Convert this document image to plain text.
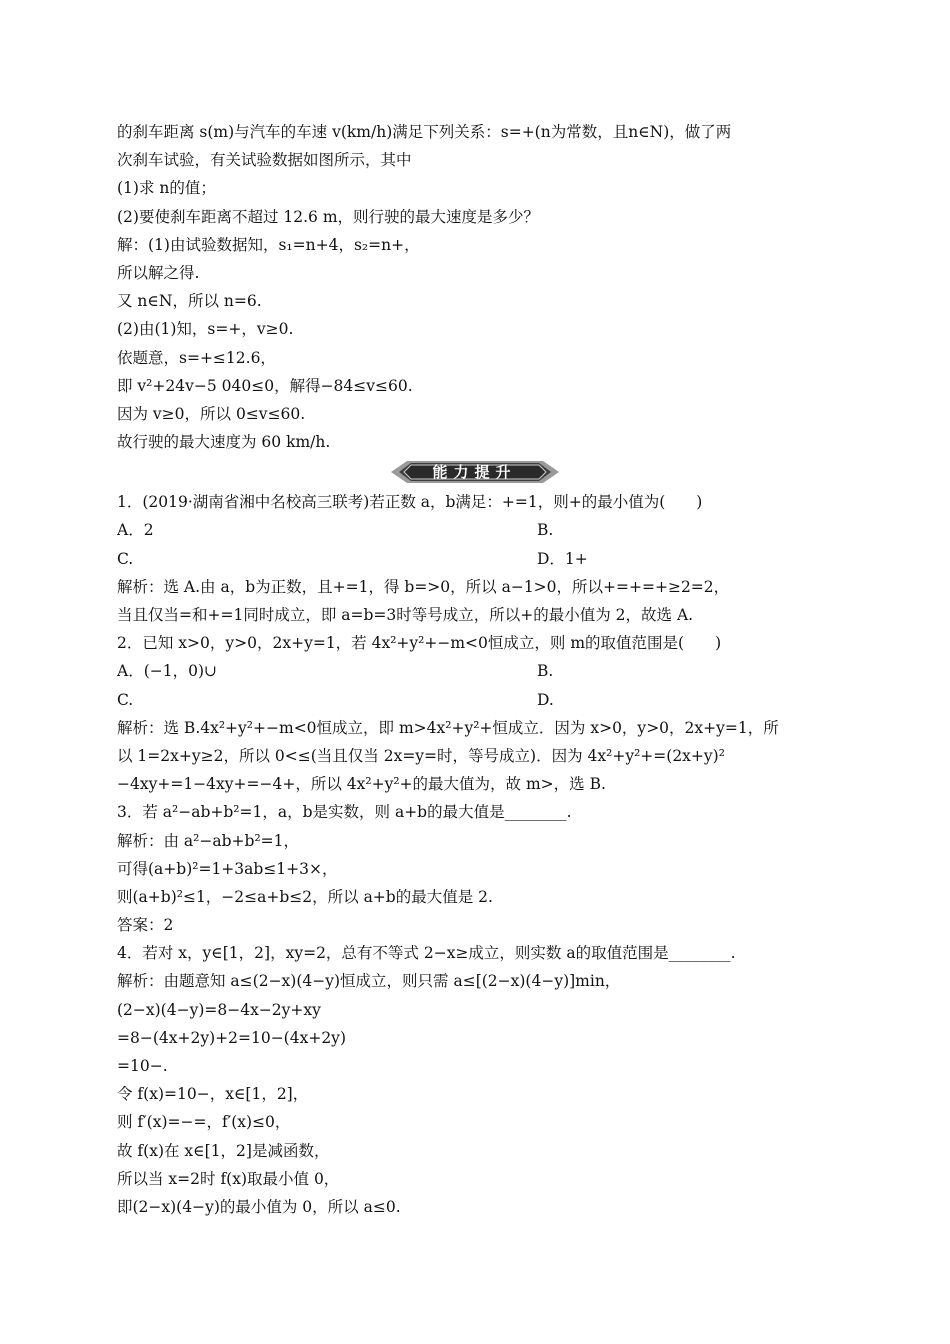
的刹车距离 s(m)与汽车的车速 v(km/h)满足下列关系：s=+(n为常数，且n∈N)，做了两
次刹车试验，有关试验数据如图所示，其中
(1)求 n的值；
(2)要使刹车距离不超过 12.6 m，则行驶的最大速度是多少？
解：(1)由试验数据知，s₁=n+4，s₂=n+，
所以解之得.
又 n∈N，所以 n=6.
(2)由(1)知，s=+，v≥0.
依题意，s=+≤12.6，
即 v²+24v−5 040≤0，解得−84≤v≤60.
因为 v≥0，所以 0≤v≤60.
故行驶的最大速度为 60 km/h.
能力提升
1．(2019·湖南省湘中名校高三联考)若正数 a，b满足：+=1，则+的最小值为(　　)
A．2	B.
C.	D．1+
解析：选 A.由 a，b为正数，且+=1，得 b=>0，所以 a−1>0，所以+=+=+≥2=2，
当且仅当=和+=1同时成立，即 a=b=3时等号成立，所以+的最小值为 2，故选 A.
2．已知 x>0，y>0，2x+y=1，若 4x²+y²+−m<0恒成立，则 m的取值范围是(　　)
A．(−1，0)∪	B.
C.	D.
解析：选 B.4x²+y²+−m<0恒成立，即 m>4x²+y²+恒成立．因为 x>0，y>0，2x+y=1，所
以 1=2x+y≥2，所以 0<≤(当且仅当 2x=y=时，等号成立)．因为 4x²+y²+=(2x+y)²
−4xy+=1−4xy+=−4+，所以 4x²+y²+的最大值为，故 m>，选 B.
3．若 a²−ab+b²=1，a，b是实数，则 a+b的最大值是________.
解析：由 a²−ab+b²=1，
可得(a+b)²=1+3ab≤1+3×，
则(a+b)²≤1，−2≤a+b≤2，所以 a+b的最大值是 2.
答案：2
4．若对 x，y∈[1，2]，xy=2，总有不等式 2−x≥成立，则实数 a的取值范围是________.
解析：由题意知 a≤(2−x)(4−y)恒成立，则只需 a≤[(2−x)(4−y)]min，
(2−x)(4−y)=8−4x−2y+xy
=8−(4x+2y)+2=10−(4x+2y)
=10−.
令 f(x)=10−，x∈[1，2]，
则 f′(x)=−=，f′(x)≤0，
故 f(x)在 x∈[1，2]是减函数，
所以当 x=2时 f(x)取最小值 0，
即(2−x)(4−y)的最小值为 0，所以 a≤0.
